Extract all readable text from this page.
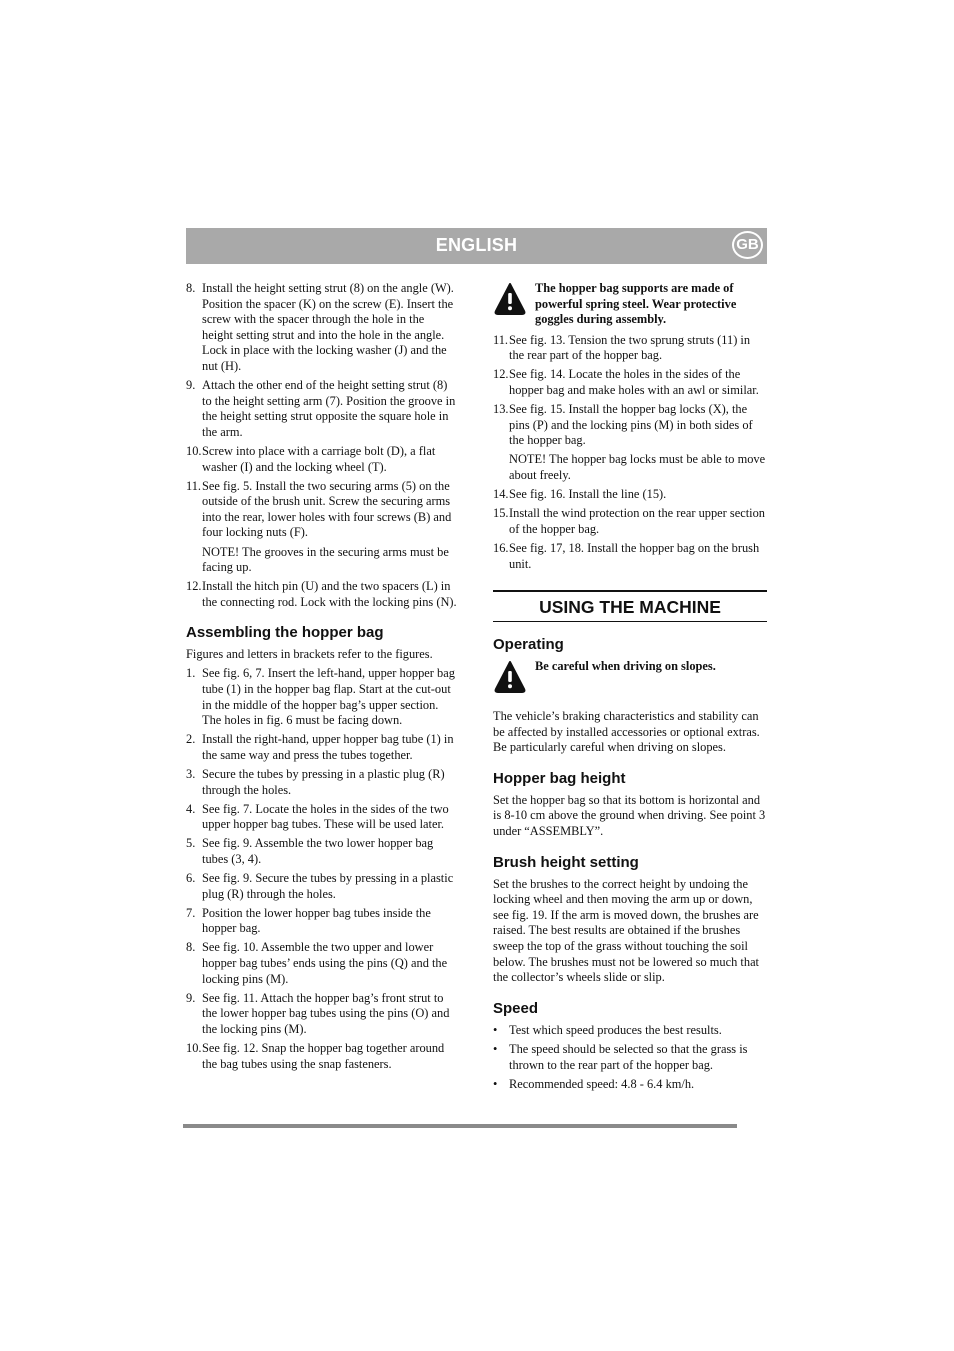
ENGLISH	GB
8. Install the height setting strut (8) on the angle (W). Position the spacer (K) on the screw (E). Insert the screw with the spacer through the hole in the height setting strut and into the hole in the angle. Lock in place with the locking washer (J) and the nut (H).
9. Attach the other end of the height setting strut (8) to the height setting arm (7). Position the groove in the height setting strut opposite the square hole in the arm.
10. Screw into place with a carriage bolt (D), a flat washer (I) and the locking wheel (T).
11. See fig. 5. Install the two securing arms (5) on the outside of the brush unit. Screw the securing arms into the rear, lower holes with four screws (B) and four locking nuts (F).
NOTE! The grooves in the securing arms must be facing up.
12. Install the hitch pin (U) and the two spacers (L) in the connecting rod. Lock with the locking pins (N).
Assembling the hopper bag
Figures and letters in brackets refer to the figures.
1. See fig. 6, 7. Insert the left-hand, upper hopper bag tube (1) in the hopper bag flap. Start at the cut-out in the middle of the hopper bag’s upper section. The holes in fig. 6 must be facing down.
2. Install the right-hand, upper hopper bag tube (1) in the same way and press the tubes together.
3. Secure the tubes by pressing in a plastic plug (R) through the holes.
4. See fig. 7. Locate the holes in the sides of the two upper hopper bag tubes. These will be used later.
5. See fig. 9. Assemble the two lower hopper bag tubes (3, 4).
6. See fig. 9. Secure the tubes by pressing in a plastic plug (R) through the holes.
7. Position the lower hopper bag tubes inside the hopper bag.
8. See fig. 10. Assemble the two upper and lower hopper bag tubes’ ends using the pins (Q) and the locking pins (M).
9. See fig. 11. Attach the hopper bag’s front strut to the lower hopper bag tubes using the pins (O) and the locking pins (M).
10. See fig. 12. Snap the hopper bag together around the bag tubes using the snap fasteners.
The hopper bag supports are made of powerful spring steel. Wear protective goggles during assembly.
11. See fig. 13. Tension the two sprung struts (11) in the rear part of the hopper bag.
12. See fig. 14. Locate the holes in the sides of the hopper bag and make holes with an awl or similar.
13. See fig. 15. Install the hopper bag locks (X), the pins (P) and the locking pins (M) in both sides of the hopper bag.
NOTE! The hopper bag locks must be able to move about freely.
14. See fig. 16. Install the line (15).
15. Install the wind protection on the rear upper section of the hopper bag.
16. See fig. 17, 18. Install the hopper bag on the brush unit.
USING THE MACHINE
Operating
Be careful when driving on slopes.
The vehicle’s braking characteristics and stability can be affected by installed accessories or optional extras. Be particularly careful when driving on slopes.
Hopper bag height
Set the hopper bag so that its bottom is horizontal and is 8-10 cm above the ground when driving. See point 3 under “ASSEMBLY”.
Brush height setting
Set the brushes to the correct height by undoing the locking wheel and then moving the arm up or down, see fig. 19. If the arm is moved down, the brushes are raised. The best results are obtained if the brushes sweep the top of the grass without touching the soil below. The brushes must not be lowered so much that the collector’s wheels slide or slip.
Speed
• Test which speed produces the best results.
• The speed should be selected so that the grass is thrown to the rear part of the hopper bag.
• Recommended speed: 4.8 - 6.4 km/h.
